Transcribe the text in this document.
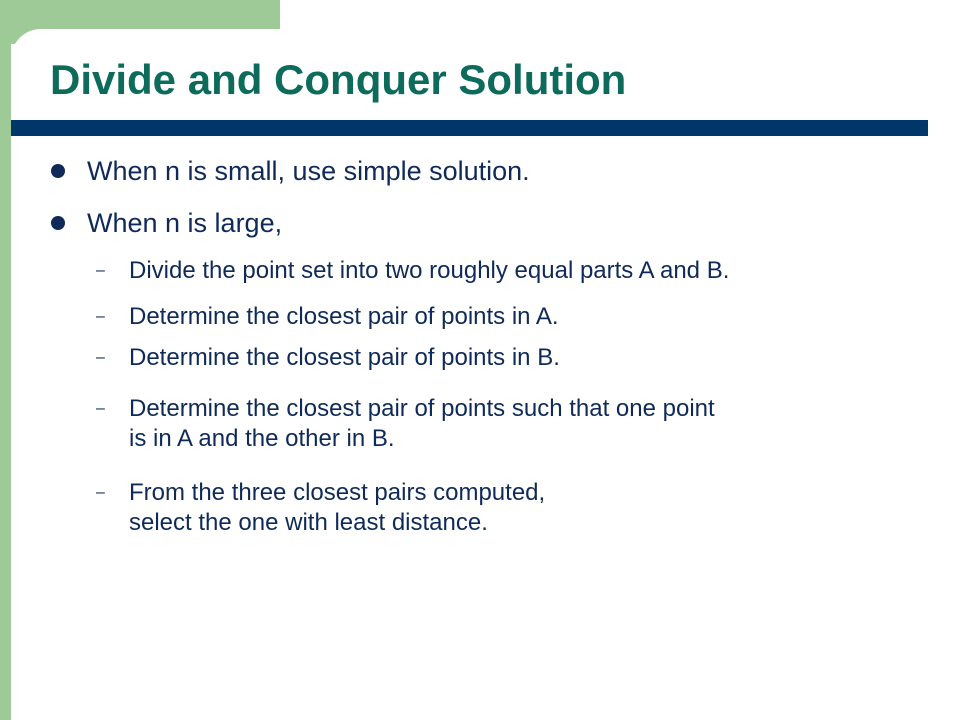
Divide and Conquer Solution
When n is small, use simple solution.
When n is large,
– Divide the point set into two roughly equal parts A and B.
– Determine the closest pair of points in A.
– Determine the closest pair of points in B.
– Determine the closest pair of points such that one point
is in A and the other in B.
– From the three closest pairs computed,
select the one with least distance.
